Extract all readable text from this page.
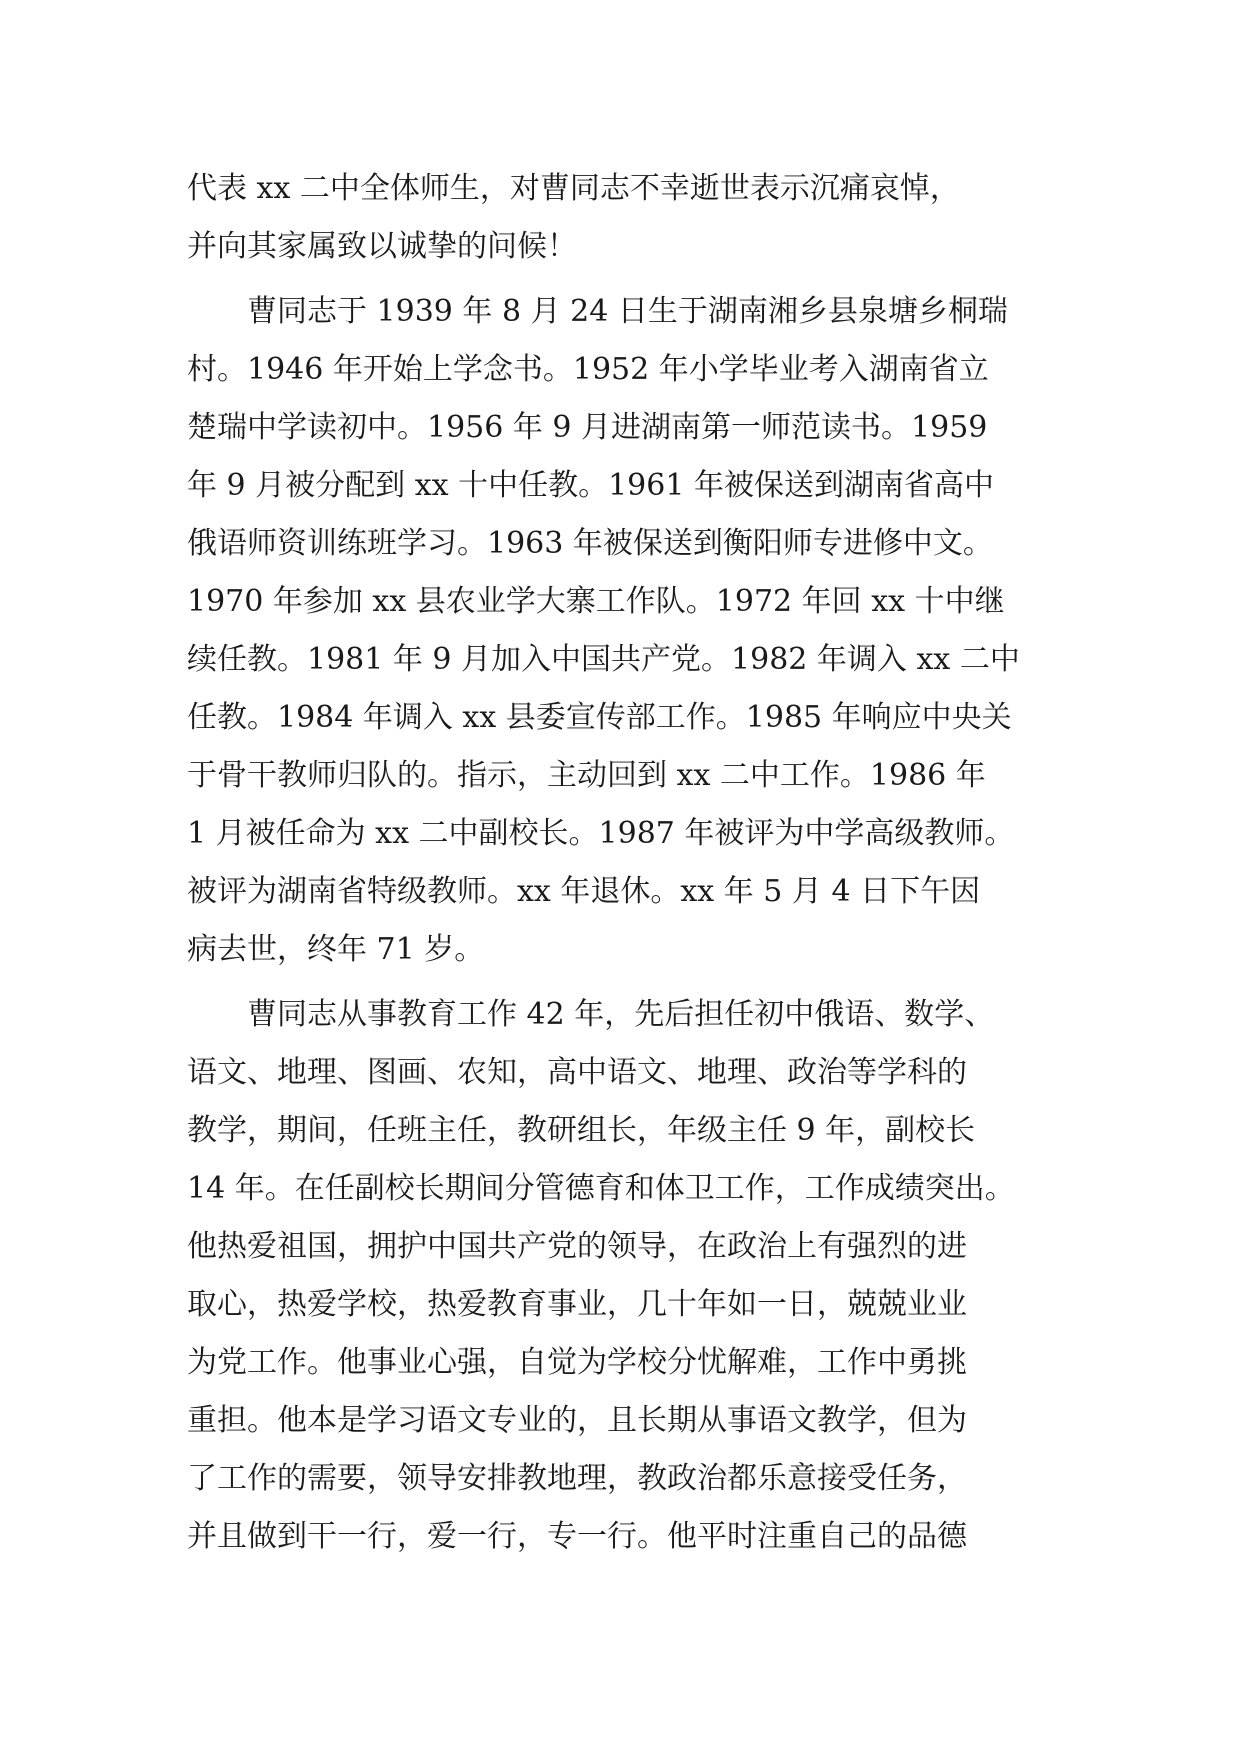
代表 xx 二中全体师生，对曹同志不幸逝世表示沉痛哀悼，
并向其家属致以诚挚的问候！
　　曹同志于 1939 年 8 月 24 日生于湖南湘乡县泉塘乡桐瑞
村。1946 年开始上学念书。1952 年小学毕业考入湖南省立
楚瑞中学读初中。1956 年 9 月进湖南第一师范读书。1959
年 9 月被分配到 xx 十中任教。1961 年被保送到湖南省高中
俄语师资训练班学习。1963 年被保送到衡阳师专进修中文。
1970 年参加 xx 县农业学大寨工作队。1972 年回 xx 十中继
续任教。1981 年 9 月加入中国共产党。1982 年调入 xx 二中
任教。1984 年调入 xx 县委宣传部工作。1985 年响应中央关
于骨干教师归队的。指示，主动回到 xx 二中工作。1986 年
1 月被任命为 xx 二中副校长。1987 年被评为中学高级教师。
被评为湖南省特级教师。xx 年退休。xx 年 5 月 4 日下午因
病去世，终年 71 岁。
　　曹同志从事教育工作 42 年，先后担任初中俄语、数学、
语文、地理、图画、农知，高中语文、地理、政治等学科的
教学，期间，任班主任，教研组长，年级主任 9 年，副校长
14 年。在任副校长期间分管德育和体卫工作，工作成绩突出。
他热爱祖国，拥护中国共产党的领导，在政治上有强烈的进
取心，热爱学校，热爱教育事业，几十年如一日，兢兢业业
为党工作。他事业心强，自觉为学校分忧解难，工作中勇挑
重担。他本是学习语文专业的，且长期从事语文教学，但为
了工作的需要，领导安排教地理，教政治都乐意接受任务，
并且做到干一行，爱一行，专一行。他平时注重自己的品德
